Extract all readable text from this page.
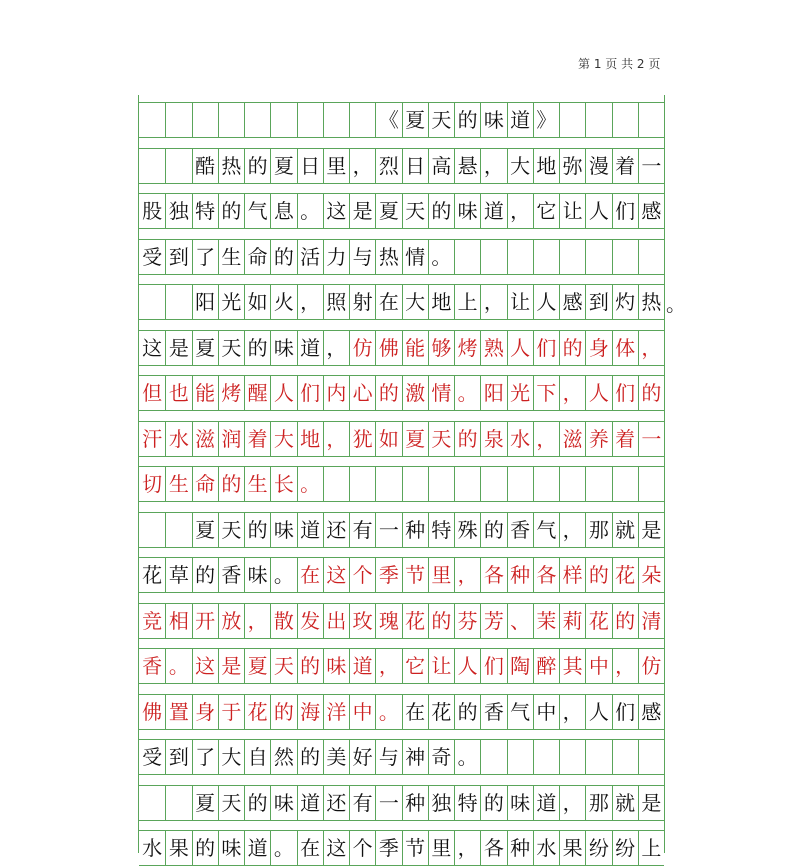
第 1 页 共 2 页
《 夏 天 的 味 道 》
酷 热 的 夏 日 里 ， 烈 日 高 悬 ， 大 地 弥 漫 着 一
股 独 特 的 气 息 。 这 是 夏 天 的 味 道 ， 它 让 人 们 感
受 到 了 生 命 的 活 力 与 热 情 。
阳 光 如 火 ， 照 射 在 大 地 上 ， 让 人 感 到 灼 热 。
这 是 夏 天 的 味 道 ， 仿 佛 能 够 烤 熟 人 们 的 身 体 ，
但 也 能 烤 醒 人 们 内 心 的 激 情 。 阳 光 下 ， 人 们 的
汗 水 滋 润 着 大 地 ， 犹 如 夏 天 的 泉 水 ， 滋 养 着 一
切 生 命 的 生 长 。
夏 天 的 味 道 还 有 一 种 特 殊 的 香 气 ， 那 就 是
花 草 的 香 味 。 在 这 个 季 节 里 ， 各 种 各 样 的 花 朵
竞 相 开 放 ， 散 发 出 玫 瑰 花 的 芬 芳 、 茉 莉 花 的 清
香 。 这 是 夏 天 的 味 道 ， 它 让 人 们 陶 醉 其 中 ， 仿
佛 置 身 于 花 的 海 洋 中 。 在 花 的 香 气 中 ， 人 们 感
受 到 了 大 自 然 的 美 好 与 神 奇 。
夏 天 的 味 道 还 有 一 种 独 特 的 味 道 ， 那 就 是
水 果 的 味 道 。 在 这 个 季 节 里 ， 各 种 水 果 纷 纷 上
